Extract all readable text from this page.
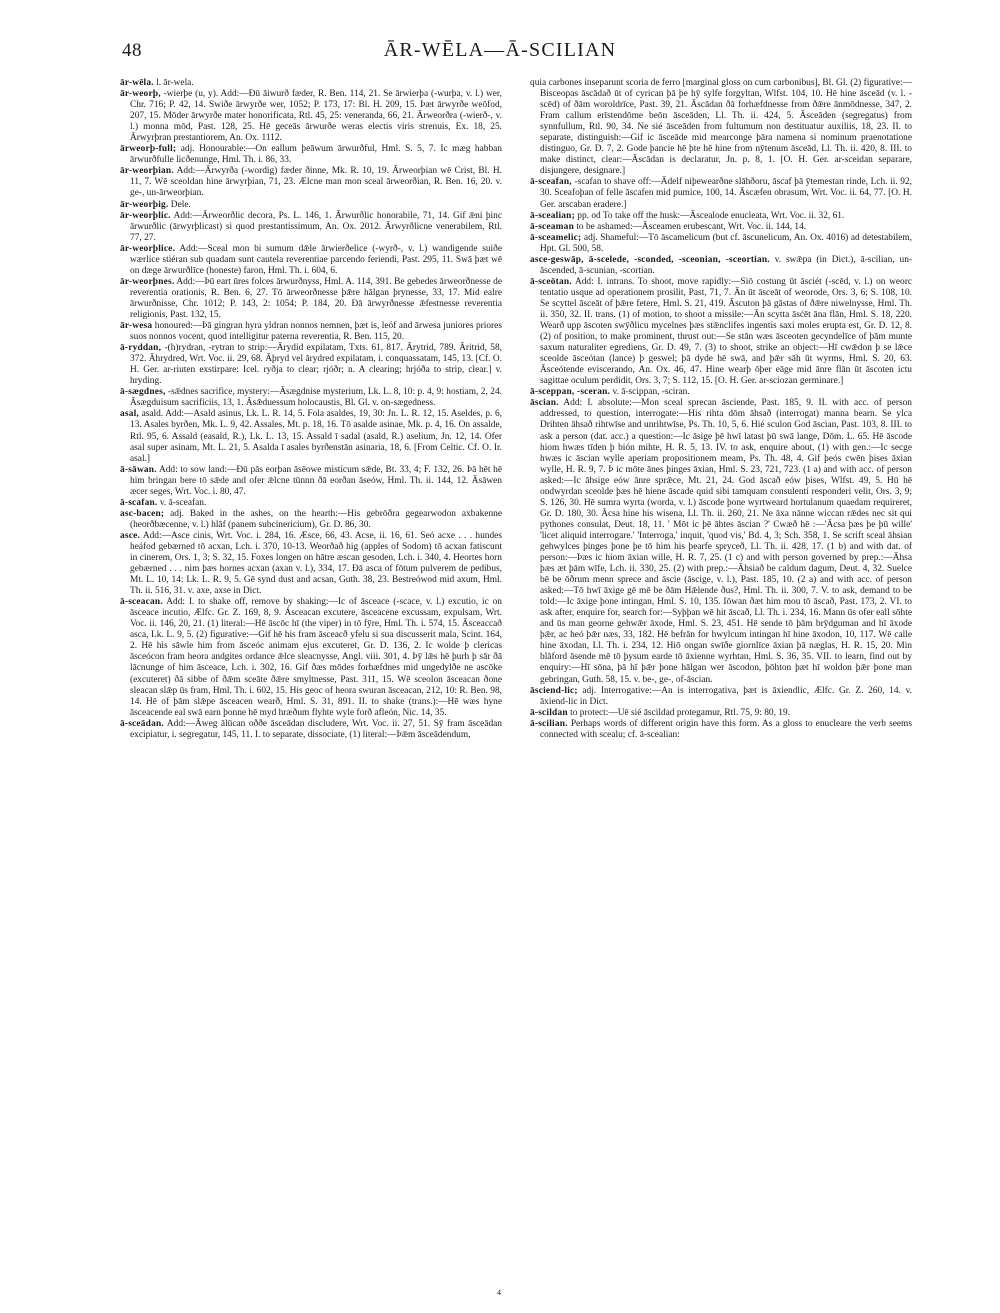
48	ĀR-WĒLA—Ā-SCILIAN

ār-wēla. l. ār-wela.

ār-weorþ, -wierþe (u, y). Add:—Ðū āiwurð fæder, R. Ben. 114, 21. Se ārwierþa (-wurþa, v. l.) wer, Chr. 716; P. 42, 14. Swiðe ārwyrðe wer, 1052; P. 173, 17: Bl. H. 209, 15. Þæt ārwyrðe weōfod, 207, 15. Mōder ārwyrðe mater honorificata, Rtl. 45, 25: veneranda, 66, 21. Ārweorðra (-wierð-, v. l.) monna mōd, Past. 128, 25. Hē geceās ārwurðe weras electis viris strenuis, Ex. 18, 25. Ārwyrþran prestantiorem, An. Ox. 1112.

ārweorþ-full; adj. Honourable:—On eallum þeāwum ārwurðful, Hml. S. 5, 7. Ic mæg habban ārwurðfulle licðenunge, Hml. Th. i. 86, 33.

ār-weorþian. Add:—Ārwyrða (-wordig) fæder ðinne, Mk. R. 10, 19. Ārweorþian wē Crist, Bl. H. 11, 7. Wē sceoldan hine ārwyrþian, 71, 23. Ælcne man mon sceal ārweorðian, R. Ben. 16, 20. v. ge-, un-ārweorþian.

ār-weorþig. Dele.

ār-weorþlic. Add:—Ārweorðlic decora, Ps. L. 146, 1. Ārwurðlic honorabile, 71, 14. Gif ǣni þinc ārwurðlic (ārwyrþlicast) si quod prestantissimum, An. Ox. 2012. Ārwyrðlicne venerabilem, Rtl. 77, 27.

ār-weorþlice. Add:—Sceal mon bi sumum dǣle ārwierðelice (-wyrð-, v. l.) wandigende suiðe wærlice stiéran sub quadam sunt cautela reverentiae parcendo feriendi, Past. 295, 11. Swā þæt wē on dæge ārwurðlīce (honeste) faron, Hml. Th. i. 604, 6.

ār-weorþnes. Add:—Þū eart ūres folces ārwurðnyss, Hml. A. 114, 391. Be gebedes ārweorðnesse de reverentia orationis, R. Ben. 6, 27. Tō ārweorðnesse þǣre hālgan þrynesse, 33, 17. Mid ealre ārwurðnisse, Chr. 1012; P. 143, 2: 1054; P. 184, 20. Ðā ārwyrðnesse ǣfestnesse reverentia religionis, Past. 132, 15.

ār-wesa honoured:—Þā gingran hyra yldran nonnos nemnen, þæt is, leóf and ārwesa juniores priores suos nonnos vocent, quod intelligitur paterna reverentia, R. Ben. 115, 20.

ā-ryddan, -(h)rydran, -rytran to strip:—Ārydid expilatam, Txts. 61, 817. Ārytrid, 789. Āritrid, 58, 372. Āhrydred, Wrt. Voc. ii. 29, 68. Āþryd vel ārydred expilatam, i. conquassatam, 145, 13. [Cf. O. H. Ger. ar-riuten exstirpare: Icel. ryðja to clear; rjóðr; n. A clearing; hrjóða to strip, clear.] v. hryding.

ā-sægdnes, -sǣdnes sacrifice, mystery:—Āsægdnise mysterium, Lk. L. 8, 10: p. 4, 9: hostiam, 2, 24. Āsægduisum sacrificiis, 13, 1. Āsǣduessum holocaustis, Bl. Gl. v. on-sægedness.

asal, asald. Add:—Asald asinus, Lk. L. R. 14, 5. Fola asaldes, 19, 30: Jn. L. R. 12, 15. Aseldes, p. 6, 13. Asales byrðen, Mk. L. 9, 42. Assales, Mt. p. 18, 16. Tō asalde asinae, Mk. p. 4, 16. On assalde, Rtl. 95, 6. Assald (easald, R.), Lk. L. 13, 15. Assald ī sadal (asald, R.) aselium, Jn. 12, 14. Ofer asal super asinam, Mt. L. 21, 5. Asalda ī asales byrðenstān asinaria, 18, 6. [From Celtic. Cf. O. Ir. asal.]

ā-sāwan. Add: to sow land:—Ðū pās eorþan āsēowe misticum sǣde, Bt. 33, 4; F. 132, 26. Þā hēt hē him bringan bere tō sǣde and ofer ǣlcne tūnnn ðā eorðan āseów, Hml. Th. ii. 144, 12. Āsāwen æcer seges, Wrt. Voc. i. 80, 47.

ā-scafan. v. ā-sceafan.

asc-bacen; adj. Baked in the ashes, on the hearth:—His gebrōðra gegearwodon axbakenne (heorðbæcenne, v. l.) hlāf (panem subcinericium), Gr. D. 86, 30.

asce. Add:—Asce cinis, Wrt. Voc. i. 284, 16. Æsce, 66, 43. Acse, ii. 16, 61. Seó acxe . . . hundes heáfod gebærned tō acxan, Lch. i. 370, 10-13. Weorðað hig (apples of Sodom) tō acxan fatiscunt in cinerem, Ors. 1, 3; S. 32, 15. Foxes longen on hātre æscan gesoden, Lch. i. 340, 4. Heortes horn gebærned . . . nim þæs hornes acxan (axan v. l.), 334, 17. Ðā asca of fōtum pulverem de pedibus, Mt. L. 10, 14: Lk. L. R. 9, 5. Gē synd dust and acsan, Guth. 38, 23. Bestreówod mid axum, Hml. Th. ii. 516, 31. v. axe, axse in Dict.

ā-sceacan. Add: I. to shake off, remove by shaking:—Ic of āsceace (-scace, v. l.) excutio, ic on āsceace incutio, Ælfc. Gr. Z. 169, 8, 9. Ásceacan excutere, āsceacene excussam, expulsam, Wrt. Voc. ii. 146, 20, 21. (1) literal:—Hē āscōc hī (the viper) in tō fȳre, Hml. Th. i. 574, 15. Āsceaccað asca, Lk. L. 9, 5. (2) figurative:—Gif hē his fram āsceacð yfelu si sua discusserit mala, Scint. 164, 2. Hē his sāwle him from āsceóc animam ejus excuteret, Gr. D. 136, 2. Ic wolde þ clericas āsceócon fram heora andgites ordance ǣlce sleacnysse, Angl. viii. 301, 4. Þȳ lǣs hē þurh þ sār ðā lācnunge of him āsceace, Lch. i. 302, 16. Gif ðæs mōdes forhæfdnes mid ungedylðe ne ascōke (excuteret) ðā sibbe of ðǣm sceāte ðǣre smyltnesse, Past. 311, 15. Wē sceolon āsceacan ðone sleacan slǣp ūs fram, Hml. Th. i. 602, 15. His geoc of heora swuran āsceacan, 212, 10: R. Ben. 98, 14. Hē of þām slǣpe āsceacen wearð, Hml. S. 31, 891. II. to shake (trans.):—Hē wæs hyne āsceacende eal swā earn þonne hē myd hræðum flyhte wyle forð afleón, Nic. 14, 35.

ā-sceādan. Add:—Āweg ālūcan oððe āsceādan discludere, Wrt. Voc. ii. 27, 51. Sȳ fram āsceādan excipiatur, i. segregatur, 145, 11. I. to separate, dissociate, (1) literal:—Þǣm āsceādendum,

quia carbones inseparunt scoria de ferro [marginal gloss on cum carbonibus], Bl. Gl. (2) figurative:—Bisceopas āscādað ūt of cyrican þā þe hȳ sylfe forgyltan, Wlfst. 104, 10. Hē hine āsceād (v. l. -scēd) of ðām woroldrīce, Past. 39, 21. Āscādan ðā forhæfdnesse from ðǣre ānmōdnesse, 347, 2. Fram callum erīstendōme beōn āsceāden, Ll. Th. ii. 424, 5. Āsceāden (segregatus) from synnfullum, Rtl. 90, 34. Ne sié āsceāden from fultumum non destituatur auxiliis, 18, 23. II. to separate, distinguish:—Gif ic āsceāde mid mearconge þāra namena si nominum praenotatione distinguo, Gr. D. 7, 2. Gode þancie hē þte hē hine from nȳtenum āsceād, Ll. Th. ii. 420, 8. III. to make distinct, clear:—Āscādan is declaratur, Jn. p. 8, 1. [O. H. Ger. ar-sceidan separare, disjungere, designare.]

ā-sceafan, -scafan to shave off:—Ādelf niþewearðne slāhðoru, āscaf þā ȳtemestan rinde, Lch. ii. 92, 30. Sceafoþan of felle āscafen mid pumice, 100, 14. Āscæfen obrasum, Wrt. Voc. ii. 64, 77. [O. H. Ger. arscaban eradere.]

ā-scealian; pp. od To take off the husk:—Āscealode enucleata, Wrt. Voc. ii. 32, 61.

ā-sceaman to be ashamed:—Āsceamen erubescant, Wrt. Voc. ii. 144, 14.

ā-sceamelic; adj. Shameful:—Tō āscamelicum (but cf. āscunelicum, An. Ox. 4016) ad detestabilem, Hpt. Gl. 500, 58.

asce-geswāp, ā-scelede, -sconded, -sceonian, -sceortian. v. swǣpa (in Dict.), ā-scilian, un-āscended, ā-scunian, -scortian.

ā-sceōtan. Add: I. intrans. To shoot, move rapidly:—Siō costung ūt āsciét (-scēd, v. l.) on weorc tentatio usque ad operationem prosilit, Past, 71, 7. Ān ūt āsceāt of weorode, Ors. 3, 6; S. 108, 10. Se scyttel āsceāt of þǣre fetere, Hml. S. 21, 419. Āscuton þā gāstas of ðǣre niwelnysse, Hml. Th. ii. 350, 32. II. trans. (1) of motion, to shoot a missile:—Ān scytta āsćēt āna flān, Hml. S. 18, 220. Wearð upp āscoten swȳðlicu mycelnes þæs stǣnclifes ingentis saxi moles erupta est, Gr. D. 12, 8. (2) of position, to make prominent, thrust out:—Se stān wæs āsceoten gecyndelīce of þām munte saxum naturaliter egrediens, Gr. D. 49, 7. (3) to shoot, strike an object:—Hī cwǣdon þ se lǣce sceolde āsceótan (lance) þ geswel; þā dyde hē swā, and þǣr sāh ūt wyrms, Hml. S. 20, 63. Āsceótende eviscerando, An. Ox. 46, 47. Hine wearþ ōþer eāge mid ānre flān ūt āscoten ictu sagittae oculum perdidit, Ors. 3, 7; S. 112, 15. [O. H. Ger. ar-sciozan germinare.]

ā-sceppan, -sceran. v. ā-scippan, -sciran.

āscian. Add: I. absolute:—Mon sceal sprecan āsciende, Past. 185, 9. II. with acc. of person addressed, to question, interrogate:—His rihta dōm āhsað (interrogat) manna bearn. Se ylca Drihten āhsað rihtwīse and unrihtwīse, Ps. Th. 10, 5, 6. Hié sculon God āscian, Past. 103, 8. III. to ask a person (dat. acc.) a question:—Ic āsige þē hwī latast þū swā lange, Dōm. L. 65. Hē āscode hiom hwæs tīden þ bión mihte, H. R. 5, 13. IV. to ask, enquire about, (1) with gen.:—Ic secge hwæs ic āscian wylle aperiam propositionem meam, Ps. Th. 48, 4. Gif þeós cwēn þises āxian wylle, H. R. 9, 7. Þ ic mōte ānes þinges āxian, Hml. S. 23, 721, 723. (1 a) and with acc. of person asked:—Ic āhsige eów ānre sprǣce, Mt. 21, 24. God āscað eów þises, Wlfst. 49, 5. Hū hē ondwyrdan sceolde þæs hē hiene āscade quid sibi tamquam consulenti responderi velit, Ors. 3, 9; S. 126, 30. Hē sumra wyrta (worda, v. l.) āscode þone wyrtweard hortulanum quaedam requireret, Gr. D. 180, 30. Ācsa hine his wisena, Ll. Th. ii. 260, 21. Ne āxa nānne wiccan rǣdes nec sit qui pythones consulat, Deut. 18, 11. ' Mōt ic þē āhtes āscian ?' Cwæð hē :—'Ācsa þæs þe þū wille' 'licet aliquid interrogare.' 'Interroga,' inquit, 'quod vis,' Bd. 4, 3; Sch. 358, 1. Se scrift sceal āhsian gehwylces þinges þone þe tō him his þearfe spryceð, Ll. Th. ii. 428, 17. (1 b) and with dat. of person:—Þæs ic hiom āxian wille, H. R. 7, 25. (1 c) and with person governed by prep.:—Āhsa þæs æt þām wīfe, Lch. ii. 330, 25. (2) with prep.:—Āhsiað be caldum dagum, Deut. 4, 32. Suelce bē be ōðrum menn sprece and āscie (āscige, v. l.), Past. 185, 10. (2 a) and with acc. of person asked:—Tō hwī āxige gē mē be ðām Hǣlende ðus?, Hml. Th. ii. 300, 7. V. to ask, demand to be told:—Ic āxige þone intingan, Hml. S. 10, 135. Iōwan ðæt him mou tō āscað, Past. 173, 2. VI. to ask after, enquire for, search for:—Syþþan wē hit āscað, Ll. Th. i. 234, 16. Mann ūs ofer eall sōhte and ūs man georne gehwǣr āxode, Hml. S. 23, 451. Hē sende tō þām brȳdguman and hī āxode þǣr, ac heó þǣr næs, 33, 182. Hē befrān for hwylcum intingan hī hine āxodon, 10, 117. Wē calle hine āxodan, Ll. Th. i. 234, 12. Hiō ongan swīðe giornlīce āxian þā næglas, H. R. 15, 20. Min blāford āsende mē tō þysum earde tō āxienne wyrhtan, Hml. S. 36, 35. VII. to learn, find out by enquiry:—Hī sōna, þā hī þǣr þone hālgan wer āscodon, þōhton þæt hī woldon þǣr þone man gebringan, Guth. 58, 15. v. be-, ge-, of-āscian.

āsciend-lic; adj. Interrogative:—An is interrogativa, þæt is āxiendlic, Ælfc. Gr. Z. 260, 14. v. āxiend-lic in Dict.

ā-scildan to protect:—Uē sié āscildad protegamur, Rtl. 75, 9: 80, 19.

ā-scilian. Perhaps words of different origin have this form. As a gloss to enucleare the verb seems connected with scealu; cf. ā-scealian:

4
